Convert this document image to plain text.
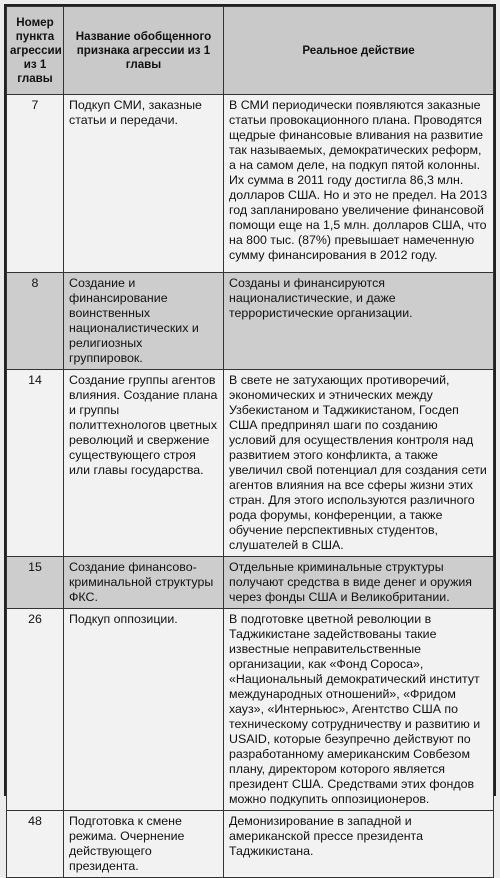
Номер пункта агрессии из 1 главы	Название обобщенного признака агрессии из 1 главы	Реальное действие
7	Подкуп СМИ, заказные статьи и передачи.	В СМИ периодически появляются заказные статьи провокационного плана. Проводятся щедрые финансовые вливания на развитие так называемых, демократических реформ, а на самом деле, на подкуп пятой колонны. Их сумма в 2011 году достигла 86,3 млн. долларов США. Но и это не предел. На 2013 год запланировано увеличение финансовой помощи еще на 1,5 млн. долларов США, что на 800 тыс. (87%) превышает намеченную сумму финансирования в 2012 году.
8	Создание и финансирование воинственных националистических и религиозных группировок.	Созданы и финансируются националистические, и даже террористические организации.
14	Создание группы агентов влияния. Создание плана и группы политтехнологов цветных революций и свержение существующего строя или главы государства.	В свете не затухающих противоречий, экономических и этнических между Узбекистаном и Таджикистаном, Госдеп США предпринял шаги по созданию условий для осуществления контроля над развитием этого конфликта, а также увеличил свой потенциал для создания сети агентов влияния на все сферы жизни этих стран. Для этого используются различного рода форумы, конференции, а также обучение перспективных студентов, слушателей в США.
15	Создание финансово-криминальной структуры ФКС.	Отдельные криминальные структуры получают средства в виде денег и оружия через фонды США и Великобритании.
26	Подкуп оппозиции.	В подготовке цветной революции в Таджикистане задействованы такие известные неправительственные организации, как «Фонд Сороса», «Национальный демократический институт международных отношений», «Фридом хауз», «Интерньюс», Агентство США по техническому сотрудничеству и развитию и USAID, которые безупречно действуют по разработанному американским Совбезом плану, директором которого является президент США. Средствами этих фондов можно подкупить оппозиционеров.
48	Подготовка к смене режима. Очернение действующего президента.	Демонизирование в западной и американской прессе президента Таджикистана.
